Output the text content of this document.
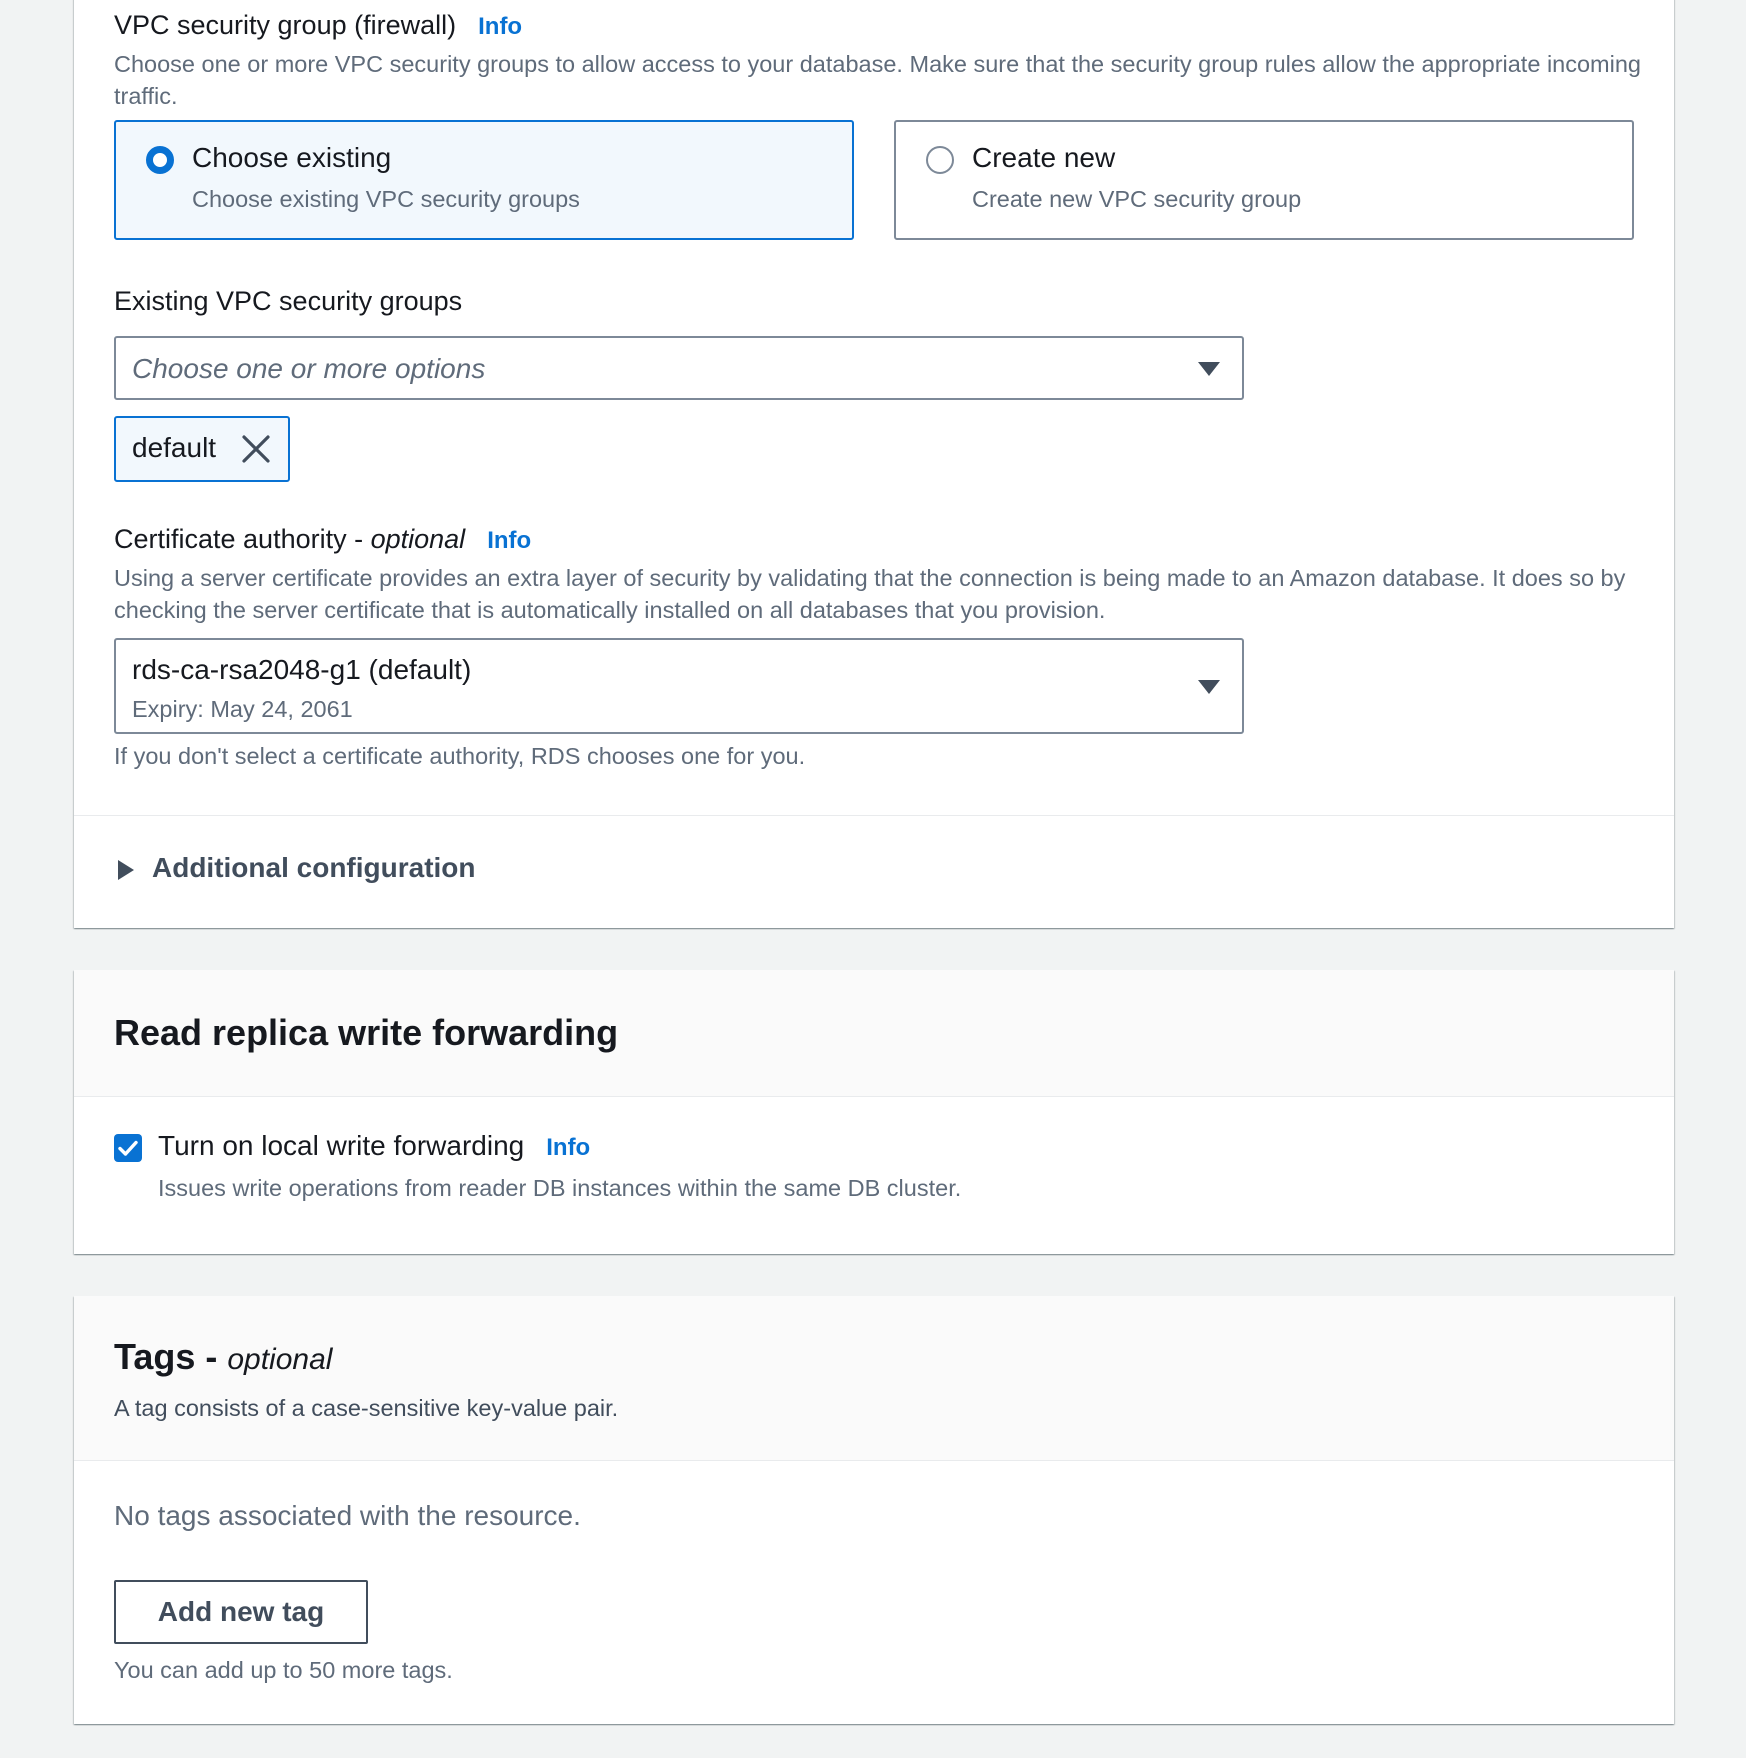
VPC security group (firewall) Info
Choose one or more VPC security groups to allow access to your database. Make sure that the security group rules allow the appropriate incoming traffic.
Choose existing
Choose existing VPC security groups
Create new
Create new VPC security group
Existing VPC security groups
Choose one or more options
default
Certificate authority - optional Info
Using a server certificate provides an extra layer of security by validating that the connection is being made to an Amazon database. It does so by checking the server certificate that is automatically installed on all databases that you provision.
rds-ca-rsa2048-g1 (default)
Expiry: May 24, 2061
If you don't select a certificate authority, RDS chooses one for you.
Additional configuration
Read replica write forwarding
Turn on local write forwarding Info
Issues write operations from reader DB instances within the same DB cluster.
Tags - optional
A tag consists of a case-sensitive key-value pair.
No tags associated with the resource.
Add new tag
You can add up to 50 more tags.
